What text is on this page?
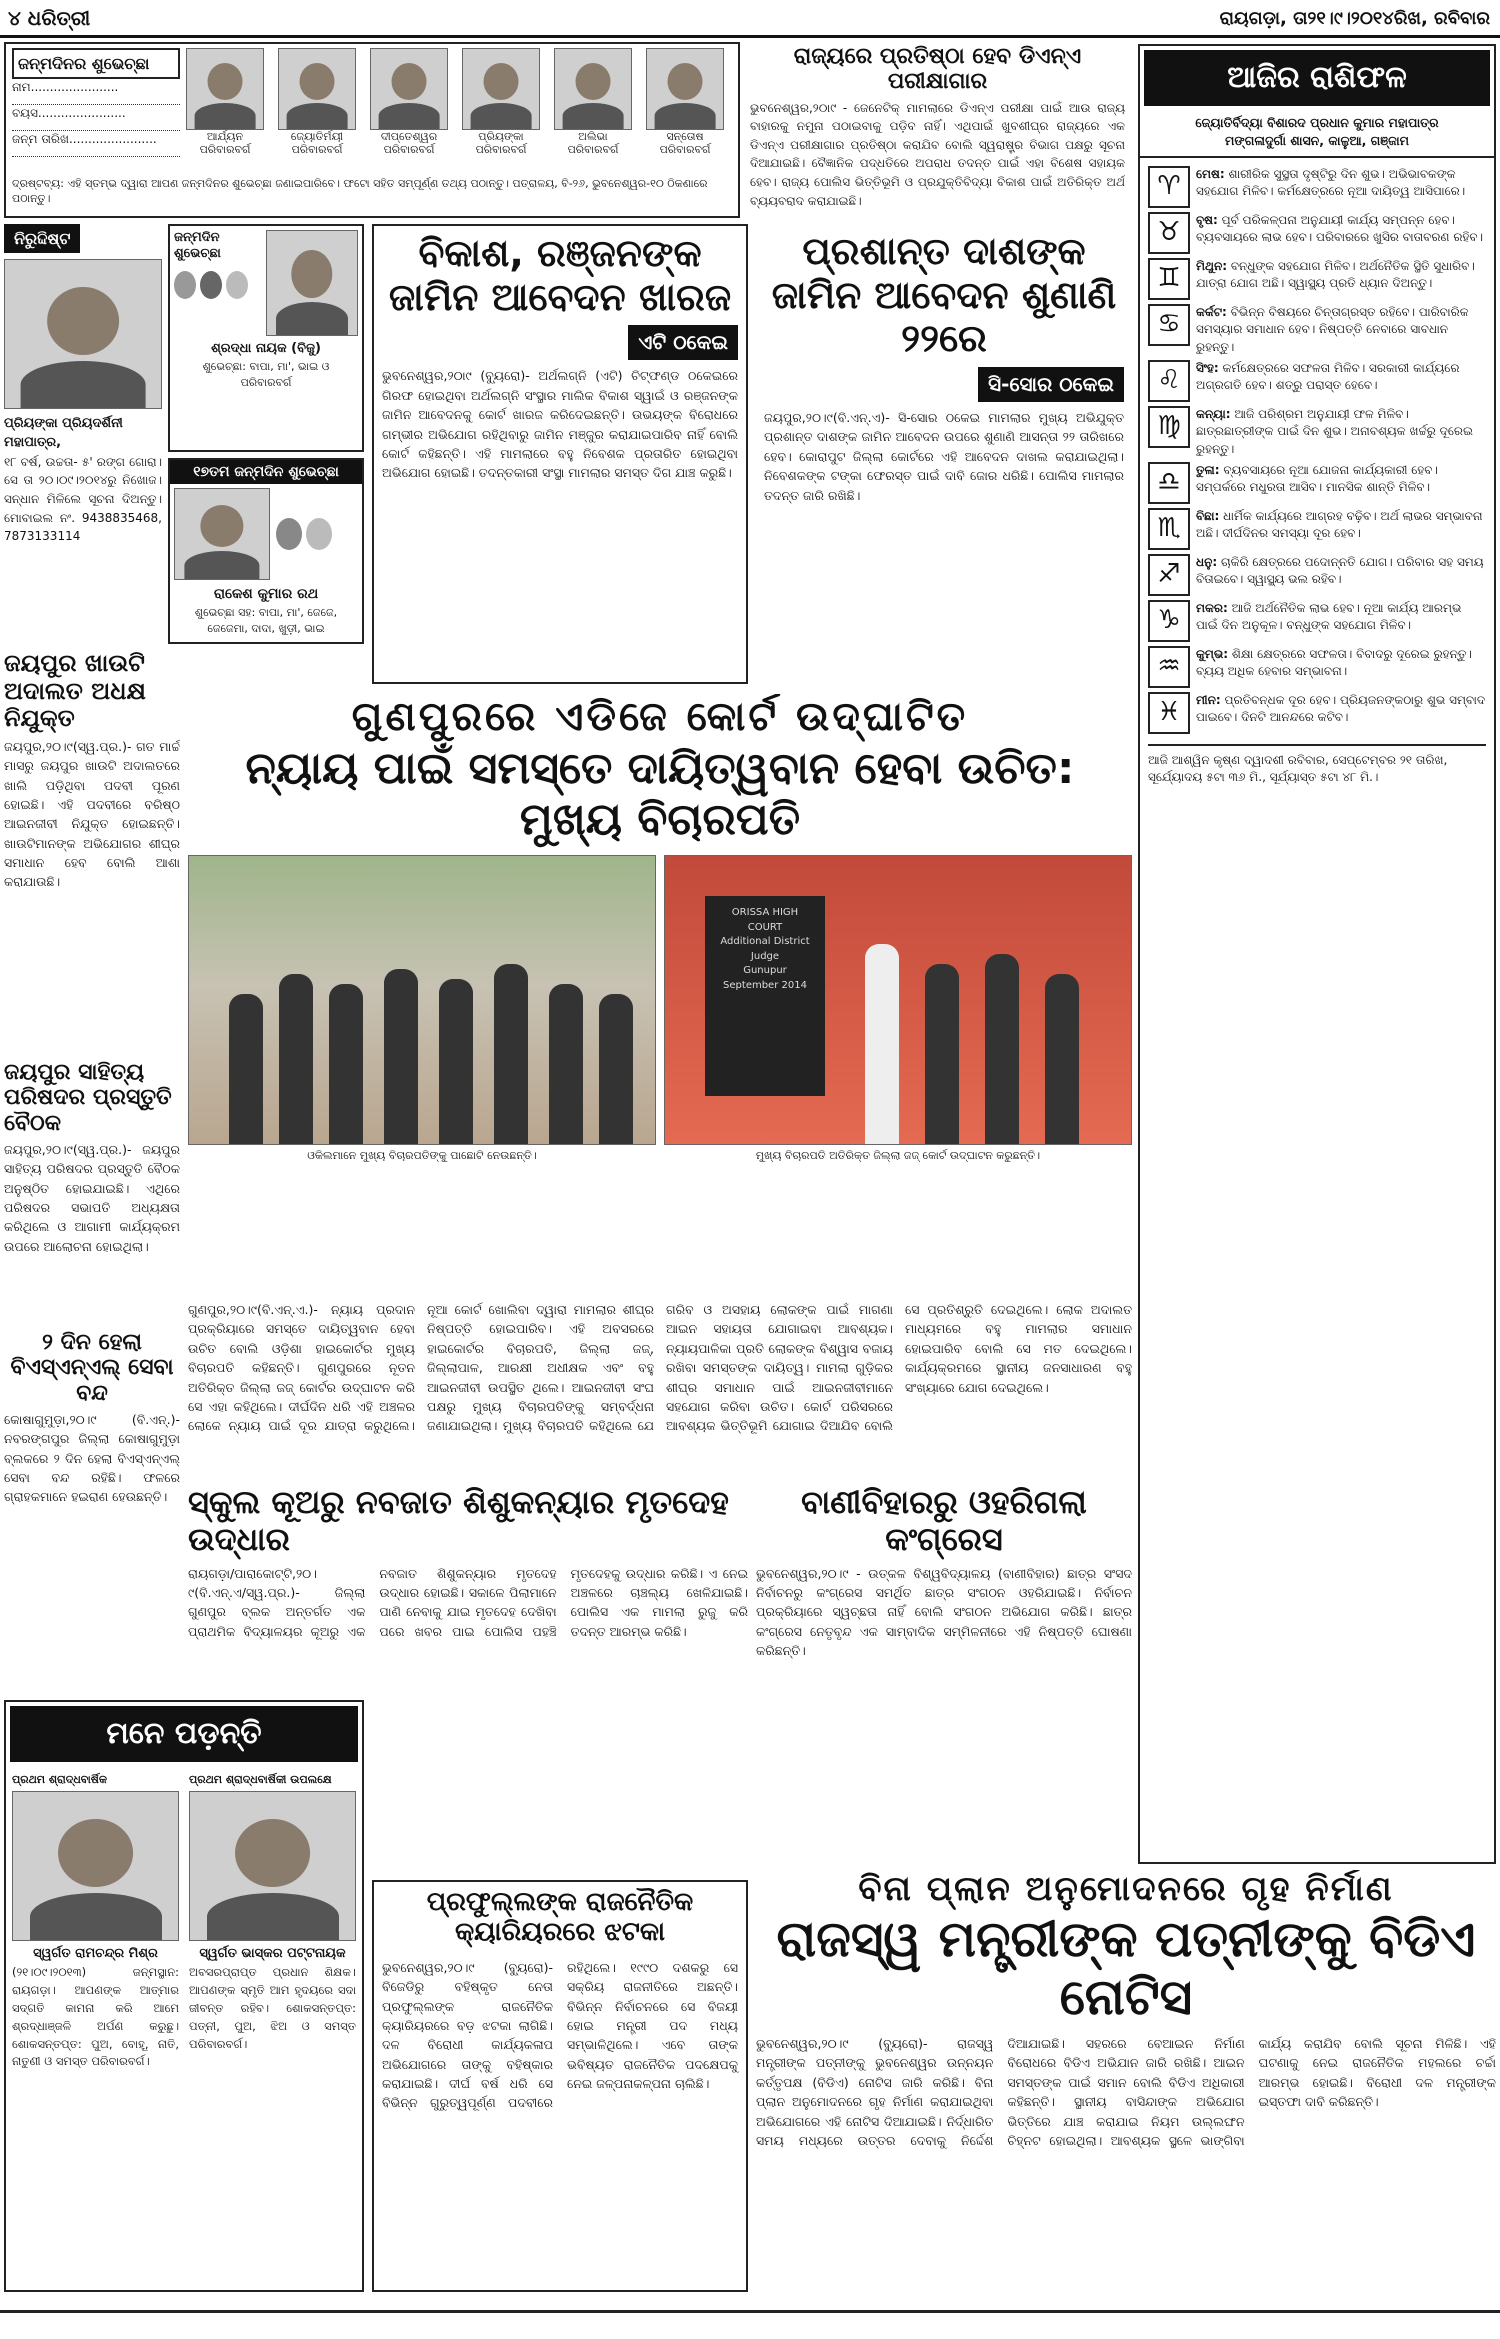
୪ ଧରିତ୍ରୀ	ରାୟଗଡ଼ା, ତା୨୧।୯।୨୦୧୪ରିଖ, ରବିବାର
ଜନ୍ମଦିନର ଶୁଭେଚ୍ଛା
ନାମ.......................
ବୟସ.......................
ଜନ୍ମ ତାରିଖ.......................	ଆର୍ଯ୍ୟନ
ପରିବାରବର୍ଗ
ଜ୍ୟୋତିର୍ମୟୀ
ପରିବାରବର୍ଗ
ଦୀପ୍ତେଶ୍ୱର
ପରିବାରବର୍ଗ
ପ୍ରିୟଙ୍କା
ପରିବାରବର୍ଗ
ଅଲିଭା
ପରିବାରବର୍ଗ
ସନ୍ତୋଷ
ପରିବାରବର୍ଗ
ଦ୍ରଷ୍ଟବ୍ୟ: ଏହି ସ୍ତମ୍ଭ ଦ୍ୱାରା ଆପଣ ଜନ୍ମଦିନର ଶୁଭେଚ୍ଛା ଜଣାଇପାରିବେ। ଫଟୋ ସହିତ ସମ୍ପୂର୍ଣ୍ଣ ତଥ୍ୟ ପଠାନ୍ତୁ। ପତ୍ରାଳୟ, ବି-୨୬, ଭୁବନେଶ୍ୱର-୧୦ ଠିକଣାରେ ପଠାନ୍ତୁ।
ରାଜ୍ୟରେ ପ୍ରତିଷ୍ଠା ହେବ ଡିଏନ୍‌ଏ ପରୀକ୍ଷାଗାର
ଭୁବନେଶ୍ୱର,୨୦ା୯ - ଜେନେଟିକ୍ ମାମଲାରେ ଡିଏନ୍‌ଏ ପରୀକ୍ଷା ପାଇଁ ଆଉ ରାଜ୍ୟ ବାହାରକୁ ନମୁନା ପଠାଇବାକୁ ପଡ଼ିବ ନାହିଁ। ଏଥିପାଇଁ ଖୁବଶୀଘ୍ର ରାଜ୍ୟରେ ଏକ ଡିଏନ୍‌ଏ ପରୀକ୍ଷାଗାର ପ୍ରତିଷ୍ଠା କରାଯିବ ବୋଲି ସ୍ୱରାଷ୍ଟ୍ର ବିଭାଗ ପକ୍ଷରୁ ସୂଚନା ଦିଆଯାଇଛି। ବୈଜ୍ଞାନିକ ପଦ୍ଧତିରେ ଅପରାଧ ତଦନ୍ତ ପାଇଁ ଏହା ବିଶେଷ ସହାୟକ ହେବ। ରାଜ୍ୟ ପୋଲିସ ଭିତ୍ତିଭୂମି ଓ ପ୍ରଯୁକ୍ତିବିଦ୍ୟା ବିକାଶ ପାଇଁ ଅତିରିକ୍ତ ଅର୍ଥ ବ୍ୟୟବରାଦ କରାଯାଇଛି।
ଆଜିର ରାଶିଫଳ
ଜ୍ୟୋତିର୍ବିଦ୍ୟା ବିଶାରଦ ପ୍ରଧାନ କୁମାର ମହାପାତ୍ର
ମଙ୍ଗଳାଦୁର୍ଗା ଶାସନ, କାଳୁଆ, ଗଞ୍ଜାମ
♈	ମେଷ: ଶାରୀରିକ ସୁସ୍ଥତା ଦୃଷ୍ଟିରୁ ଦିନ ଶୁଭ। ଅଭିଭାବକଙ୍କ ସହଯୋଗ ମିଳିବ। କର୍ମକ୍ଷେତ୍ରରେ ନୂଆ ଦାୟିତ୍ୱ ଆସିପାରେ।
♉	ବୃଷ: ପୂର୍ବ ପରିକଳ୍ପନା ଅନୁଯାୟୀ କାର୍ଯ୍ୟ ସମ୍ପନ୍ନ ହେବ। ବ୍ୟବସାୟରେ ଲାଭ ହେବ। ପରିବାରରେ ଖୁସିର ବାତାବରଣ ରହିବ।
♊	ମିଥୁନ: ବନ୍ଧୁଙ୍କ ସହଯୋଗ ମିଳିବ। ଅର୍ଥନୈତିକ ସ୍ଥିତି ସୁଧାରିବ। ଯାତ୍ରା ଯୋଗ ଅଛି। ସ୍ୱାସ୍ଥ୍ୟ ପ୍ରତି ଧ୍ୟାନ ଦିଅନ୍ତୁ।
♋	କର୍କଟ: ବିଭିନ୍ନ ବିଷୟରେ ଚିନ୍ତାଗ୍ରସ୍ତ ରହିବେ। ପାରିବାରିକ ସମସ୍ୟାର ସମାଧାନ ହେବ। ନିଷ୍ପତ୍ତି ନେବାରେ ସାବଧାନ ରୁହନ୍ତୁ।
♌	ସିଂହ: କର୍ମକ୍ଷେତ୍ରରେ ସଫଳତା ମିଳିବ। ସରକାରୀ କାର୍ଯ୍ୟରେ ଅଗ୍ରଗତି ହେବ। ଶତ୍ରୁ ପରାସ୍ତ ହେବେ।
♍	କନ୍ୟା: ଆଜି ପରିଶ୍ରମ ଅନୁଯାୟୀ ଫଳ ମିଳିବ। ଛାତ୍ରଛାତ୍ରୀଙ୍କ ପାଇଁ ଦିନ ଶୁଭ। ଅନାବଶ୍ୟକ ଖର୍ଚ୍ଚରୁ ଦୂରେଇ ରୁହନ୍ତୁ।
♎	ତୁଳା: ବ୍ୟବସାୟରେ ନୂଆ ଯୋଜନା କାର୍ଯ୍ୟକାରୀ ହେବ। ସମ୍ପର୍କରେ ମଧୁରତା ଆସିବ। ମାନସିକ ଶାନ୍ତି ମିଳିବ।
♏	ବିଛା: ଧାର୍ମିକ କାର୍ଯ୍ୟରେ ଆଗ୍ରହ ବଢ଼ିବ। ଅର୍ଥ ଲାଭର ସମ୍ଭାବନା ଅଛି। ଦୀର୍ଘଦିନର ସମସ୍ୟା ଦୂର ହେବ।
♐	ଧନୁ: ଚାକିରି କ୍ଷେତ୍ରରେ ପଦୋନ୍ନତି ଯୋଗ। ପରିବାର ସହ ସମୟ ବିତାଇବେ। ସ୍ୱାସ୍ଥ୍ୟ ଭଲ ରହିବ।
♑	ମକର: ଆଜି ଅର୍ଥନୈତିକ ଲାଭ ହେବ। ନୂଆ କାର୍ଯ୍ୟ ଆରମ୍ଭ ପାଇଁ ଦିନ ଅନୁକୂଳ। ବନ୍ଧୁଙ୍କ ସହଯୋଗ ମିଳିବ।
♒	କୁମ୍ଭ: ଶିକ୍ଷା କ୍ଷେତ୍ରରେ ସଫଳତା। ବିବାଦରୁ ଦୂରେଇ ରୁହନ୍ତୁ। ବ୍ୟୟ ଅଧିକ ହେବାର ସମ୍ଭାବନା।
♓	ମୀନ: ପ୍ରତିବନ୍ଧକ ଦୂର ହେବ। ପ୍ରିୟଜନଙ୍କଠାରୁ ଶୁଭ ସମ୍ବାଦ ପାଇବେ। ଦିନଟି ଆନନ୍ଦରେ କଟିବ।
ଆଜି ଆଶ୍ୱିନ କୃଷ୍ଣ ଦ୍ୱାଦଶୀ ରବିବାର, ସେପ୍ଟେମ୍ବର ୨୧ ତାରିଖ, ସୂର୍ଯ୍ୟୋଦୟ ୫ଟା ୩୬ ମି., ସୂର୍ଯ୍ୟାସ୍ତ ୫ଟା ୪୮ ମି.।
ନିରୁଦ୍ଦିଷ୍ଟ
ପ୍ରିୟଙ୍କା ପ୍ରିୟଦର୍ଶିନୀ ମହାପାତ୍ର,
୧୮ ବର୍ଷ, ଉଚ୍ଚତା- ୫' ରଙ୍ଗ ଗୋରା। ସେ ତା ୨୦।୦୯।୨୦୧୪ରୁ ନିଖୋଜ। ସନ୍ଧାନ ମିଳିଲେ ସୂଚନା ଦିଅନ୍ତୁ। ମୋବାଇଲ ନଂ. 9438835468, 7873133114
ଜନ୍ମଦିନ ଶୁଭେଚ୍ଛା
ଶ୍ରଦ୍ଧା ନାୟକ (ବିଜୁ)
ଶୁଭେଚ୍ଛା: ବାପା, ମା', ଭାଇ ଓ ପରିବାରବର୍ଗ
୧୭ତମ ଜନ୍ମଦିନ ଶୁଭେଚ୍ଛା
ରାକେଶ କୁମାର ରଥ
ଶୁଭେଚ୍ଛା ସହ: ବାପା, ମା', ଜେଜେ, ଜେଜେମା, ଦାଦା, ଖୁଡ଼ୀ, ଭାଇ
ଜୟପୁର ଖାଉଟି ଅଦାଲତ ଅଧକ୍ଷ ନିଯୁକ୍ତ
ଜୟପୁର,୨୦।୯(ସ୍ୱ.ପ୍ର.)- ଗତ ମାର୍ଚ୍ଚ ମାସରୁ ଜୟପୁର ଖାଉଟି ଅଦାଲତରେ ଖାଲି ପଡ଼ିଥିବା ପଦବୀ ପୂରଣ ହୋଇଛି। ଏହି ପଦବୀରେ ବରିଷ୍ଠ ଆଇନଜୀବୀ ନିଯୁକ୍ତ ହୋଇଛନ୍ତି। ଖାଉଟିମାନଙ୍କ ଅଭିଯୋଗର ଶୀଘ୍ର ସମାଧାନ ହେବ ବୋଲି ଆଶା କରାଯାଉଛି।
ଜୟପୁର ସାହିତ୍ୟ ପରିଷଦର ପ୍ରସ୍ତୁତି ବୈଠକ
ଜୟପୁର,୨୦।୯(ସ୍ୱ.ପ୍ର.)- ଜୟପୁର ସାହିତ୍ୟ ପରିଷଦର ପ୍ରସ୍ତୁତି ବୈଠକ ଅନୁଷ୍ଠିତ ହୋଇଯାଇଛି। ଏଥିରେ ପରିଷଦର ସଭାପତି ଅଧ୍ୟକ୍ଷତା କରିଥିଲେ ଓ ଆଗାମୀ କାର୍ଯ୍ୟକ୍ରମ ଉପରେ ଆଲୋଚନା ହୋଇଥିଲା।
୨ ଦିନ ହେଲା ବିଏସ୍‌ଏନ୍‌ଏଲ୍ ସେବା ବନ୍ଦ
କୋଷାଗୁମୁଡ଼ା,୨୦।୯ (ବି.ଏନ୍.)- ନବରଙ୍ଗପୁର ଜିଲ୍ଲା କୋଷାଗୁମୁଡ଼ା ବ୍ଲକରେ ୨ ଦିନ ହେଲା ବିଏସ୍‌ଏନ୍‌ଏଲ୍ ସେବା ବନ୍ଦ ରହିଛି। ଫଳରେ ଗ୍ରାହକମାନେ ହଇରାଣ ହେଉଛନ୍ତି।
ବିକାଶ, ରଞ୍ଜନଙ୍କ ଜାମିନ ଆବେଦନ ଖାରଜ
ଏଟି ଠକେଇ
ଭୁବନେଶ୍ୱର,୨୦ା୯ (ବ୍ୟୁରୋ)- ଅର୍ଥଲଗ୍ନି (ଏଟି) ଚିଟ୍‌ଫଣ୍ଡ ଠକେଇରେ ଗିରଫ ହୋଇଥିବା ଅର୍ଥଲଗ୍ନି ସଂସ୍ଥାର ମାଲିକ ବିକାଶ ସ୍ୱାଇଁ ଓ ରଞ୍ଜନଙ୍କ ଜାମିନ ଆବେଦନକୁ କୋର୍ଟ ଖାରଜ କରିଦେଇଛନ୍ତି। ଉଭୟଙ୍କ ବିରୋଧରେ ଗମ୍ଭୀର ଅଭିଯୋଗ ରହିଥିବାରୁ ଜାମିନ ମଞ୍ଜୁର କରାଯାଇପାରିବ ନାହିଁ ବୋଲି କୋର୍ଟ କହିଛନ୍ତି। ଏହି ମାମଲାରେ ବହୁ ନିବେଶକ ପ୍ରତାରିତ ହୋଇଥିବା ଅଭିଯୋଗ ହୋଇଛି। ତଦନ୍ତକାରୀ ସଂସ୍ଥା ମାମଲାର ସମସ୍ତ ଦିଗ ଯାଞ୍ଚ କରୁଛି।
ପ୍ରଶାନ୍ତ ଦାଶଙ୍କ ଜାମିନ ଆବେଦନ ଶୁଣାଣି ୨୨ରେ
ସି-ସୋର ଠକେଇ
ଜୟପୁର,୨୦।୯(ବି.ଏନ୍.ଏ)- ସି-ସୋର ଠକେଇ ମାମଲାର ମୁଖ୍ୟ ଅଭିଯୁକ୍ତ ପ୍ରଶାନ୍ତ ଦାଶଙ୍କ ଜାମିନ ଆବେଦନ ଉପରେ ଶୁଣାଣି ଆସନ୍ତା ୨୨ ତାରିଖରେ ହେବ। କୋରାପୁଟ ଜିଲ୍ଲା କୋର୍ଟରେ ଏହି ଆବେଦନ ଦାଖଲ କରାଯାଇଥିଲା। ନିବେଶକଙ୍କ ଟଙ୍କା ଫେରସ୍ତ ପାଇଁ ଦାବି ଜୋର ଧରିଛି। ପୋଲିସ ମାମଲାର ତଦନ୍ତ ଜାରି ରଖିଛି।
ଗୁଣପୁରରେ ଏଡିଜେ କୋର୍ଟ ଉଦ୍‌ଘାଟିତ
ନ୍ୟାୟ ପାଇଁ ସମସ୍ତେ ଦାୟିତ୍ୱବାନ ହେବା ଉଚିତ: ମୁଖ୍ୟ ବିଚାରପତି
ଓକିଲମାନେ ମୁଖ୍ୟ ବିଚାରପତିଙ୍କୁ ପାଛୋଟି ନେଉଛନ୍ତି।
ORISSA HIGH COURT
Additional District Judge
Gunupur
September 2014
ମୁଖ୍ୟ ବିଚାରପତି ଅତିରିକ୍ତ ଜିଲ୍ଲା ଜଜ୍ କୋର୍ଟ ଉଦ୍‌ଘାଟନ କରୁଛନ୍ତି।
ଗୁଣପୁର,୨୦।୯(ବି.ଏନ୍.ଏ.)- ନ୍ୟାୟ ପ୍ରଦାନ ପ୍ରକ୍ରିୟାରେ ସମସ୍ତେ ଦାୟିତ୍ୱବାନ ହେବା ଉଚିତ ବୋଲି ଓଡ଼ିଶା ହାଇକୋର୍ଟର ମୁଖ୍ୟ ବିଚାରପତି କହିଛନ୍ତି। ଗୁଣପୁରରେ ନୂତନ ଅତିରିକ୍ତ ଜିଲ୍ଲା ଜଜ୍ କୋର୍ଟର ଉଦ୍‌ଘାଟନ କରି ସେ ଏହା କହିଥିଲେ। ଦୀର୍ଘଦିନ ଧରି ଏହି ଅଞ୍ଚଳର ଲୋକେ ନ୍ୟାୟ ପାଇଁ ଦୂର ଯାତ୍ରା କରୁଥିଲେ। ନୂଆ କୋର୍ଟ ଖୋଲିବା ଦ୍ୱାରା ମାମଲାର ଶୀଘ୍ର ନିଷ୍ପତ୍ତି ହୋଇପାରିବ। ଏହି ଅବସରରେ ହାଇକୋର୍ଟର ବିଚାରପତି, ଜିଲ୍ଲା ଜଜ୍, ଜିଲ୍ଲାପାଳ, ଆରକ୍ଷୀ ଅଧୀକ୍ଷକ ଏବଂ ବହୁ ଆଇନଜୀବୀ ଉପସ୍ଥିତ ଥିଲେ। ଆଇନଜୀବୀ ସଂଘ ପକ୍ଷରୁ ମୁଖ୍ୟ ବିଚାରପତିଙ୍କୁ ସମ୍ବର୍ଦ୍ଧନା ଜଣାଯାଇଥିଲା। ମୁଖ୍ୟ ବିଚାରପତି କହିଥିଲେ ଯେ ଗରିବ ଓ ଅସହାୟ ଲୋକଙ୍କ ପାଇଁ ମାଗଣା ଆଇନ ସହାୟତା ଯୋଗାଇବା ଆବଶ୍ୟକ। ନ୍ୟାୟପାଳିକା ପ୍ରତି ଲୋକଙ୍କ ବିଶ୍ୱାସ ବଜାୟ ରଖିବା ସମସ୍ତଙ୍କ ଦାୟିତ୍ୱ। ମାମଲା ଗୁଡ଼ିକର ଶୀଘ୍ର ସମାଧାନ ପାଇଁ ଆଇନଜୀବୀମାନେ ସହଯୋଗ କରିବା ଉଚିତ। କୋର୍ଟ ପରିସରରେ ଆବଶ୍ୟକ ଭିତ୍ତିଭୂମି ଯୋଗାଇ ଦିଆଯିବ ବୋଲି ସେ ପ୍ରତିଶ୍ରୁତି ଦେଇଥିଲେ। ଲୋକ ଅଦାଲତ ମାଧ୍ୟମରେ ବହୁ ମାମଲାର ସମାଧାନ ହୋଇପାରିବ ବୋଲି ସେ ମତ ଦେଇଥିଲେ। କାର୍ଯ୍ୟକ୍ରମରେ ସ୍ଥାନୀୟ ଜନସାଧାରଣ ବହୁ ସଂଖ୍ୟାରେ ଯୋଗ ଦେଇଥିଲେ।
ସ୍କୁଲ କୂଅରୁ ନବଜାତ ଶିଶୁକନ୍ୟାର ମୃତଦେହ ଉଦ୍ଧାର
ରାୟଗଡ଼ା/ପାରାକୋଟ୍ଟି,୨୦।୯(ବି.ଏନ୍.ଏ/ସ୍ୱ.ପ୍ର.)- ଜିଲ୍ଲା ଗୁଣପୁର ବ୍ଲକ ଅନ୍ତର୍ଗତ ଏକ ପ୍ରାଥମିକ ବିଦ୍ୟାଳୟର କୂଅରୁ ଏକ ନବଜାତ ଶିଶୁକନ୍ୟାର ମୃତଦେହ ଉଦ୍ଧାର ହୋଇଛି। ସକାଳେ ପିଲାମାନେ ପାଣି ନେବାକୁ ଯାଇ ମୃତଦେହ ଦେଖିବା ପରେ ଖବର ପାଇ ପୋଲିସ ପହଞ୍ଚି ମୃତଦେହକୁ ଉଦ୍ଧାର କରିଛି। ଏ ନେଇ ଅଞ୍ଚଳରେ ଚାଞ୍ଚଲ୍ୟ ଖେଳିଯାଇଛି। ପୋଲିସ ଏକ ମାମଲା ରୁଜୁ କରି ତଦନ୍ତ ଆରମ୍ଭ କରିଛି।
ବାଣୀବିହାରରୁ ଓହରିଗଲା କଂଗ୍ରେସ
ଭୁବନେଶ୍ୱର,୨୦।୯ - ଉତ୍କଳ ବିଶ୍ୱବିଦ୍ୟାଳୟ (ବାଣୀବିହାର) ଛାତ୍ର ସଂସଦ ନିର୍ବାଚନରୁ କଂଗ୍ରେସ ସମର୍ଥିତ ଛାତ୍ର ସଂଗଠନ ଓହରିଯାଇଛି। ନିର୍ବାଚନ ପ୍ରକ୍ରିୟାରେ ସ୍ୱଚ୍ଛତା ନାହିଁ ବୋଲି ସଂଗଠନ ଅଭିଯୋଗ କରିଛି। ଛାତ୍ର କଂଗ୍ରେସ ନେତୃବୃନ୍ଦ ଏକ ସାମ୍ବାଦିକ ସମ୍ମିଳନୀରେ ଏହି ନିଷ୍ପତ୍ତି ଘୋଷଣା କରିଛନ୍ତି।
ମନେ ପଡ଼ନ୍ତି
ପ୍ରଥମ ଶ୍ରାଦ୍ଧବାର୍ଷିକ
ସ୍ୱର୍ଗତ ରାମଚନ୍ଦ୍ର ମିଶ୍ର
(୨୧।୦୯।୨୦୧୩) ଜନ୍ମସ୍ଥାନ: ରାୟଗଡ଼ା। ଆପଣଙ୍କ ଆତ୍ମାର ସଦ୍‌ଗତି କାମନା କରି ଆମେ ଶ୍ରଦ୍ଧାଞ୍ଜଳି ଅର୍ପଣ କରୁଛୁ। ଶୋକସନ୍ତପ୍ତ: ପୁଅ, ବୋହୂ, ନାତି, ନାତୁଣୀ ଓ ସମସ୍ତ ପରିବାରବର୍ଗ।
ପ୍ରଥମ ଶ୍ରାଦ୍ଧବାର୍ଷିକୀ ଉପଲକ୍ଷେ
ସ୍ୱର୍ଗତ ଭାସ୍କର ପଟ୍ଟନାୟକ
ଅବସରପ୍ରାପ୍ତ ପ୍ରଧାନ ଶିକ୍ଷକ। ଆପଣଙ୍କ ସ୍ମୃତି ଆମ ହୃଦୟରେ ସଦା ଜୀବନ୍ତ ରହିବ। ଶୋକସନ୍ତପ୍ତ: ପତ୍ନୀ, ପୁଅ, ଝିଅ ଓ ସମସ୍ତ ପରିବାରବର୍ଗ।
ପ୍ରଫୁଲ୍ଲଙ୍କ ରାଜନୈତିକ କ୍ୟାରିୟରରେ ଝଟକା
ଭୁବନେଶ୍ୱର,୨୦।୯ (ବ୍ୟୁରୋ)- ବିଜେଡିରୁ ବହିଷ୍କୃତ ନେତା ପ୍ରଫୁଲ୍ଲଙ୍କ ରାଜନୈତିକ କ୍ୟାରିୟରରେ ବଡ଼ ଝଟକା ଲାଗିଛି। ଦଳ ବିରୋଧୀ କାର୍ଯ୍ୟକଳାପ ଅଭିଯୋଗରେ ତାଙ୍କୁ ବହିଷ୍କାର କରାଯାଇଛି। ଦୀର୍ଘ ବର୍ଷ ଧରି ସେ ବିଭିନ୍ନ ଗୁରୁତ୍ୱପୂର୍ଣ୍ଣ ପଦବୀରେ ରହିଥିଲେ। ୧୯୯୦ ଦଶକରୁ ସେ ସକ୍ରିୟ ରାଜନୀତିରେ ଅଛନ୍ତି। ବିଭିନ୍ନ ନିର୍ବାଚନରେ ସେ ବିଜୟୀ ହୋଇ ମନ୍ତ୍ରୀ ପଦ ମଧ୍ୟ ସମ୍ଭାଳିଥିଲେ। ଏବେ ତାଙ୍କ ଭବିଷ୍ୟତ ରାଜନୈତିକ ପଦକ୍ଷେପକୁ ନେଇ ଜଳ୍ପନାକଳ୍ପନା ଚାଲିଛି।
ବିନା ପ୍ଲାନ ଅନୁମୋଦନରେ ଗୃହ ନିର୍ମାଣ
ରାଜସ୍ୱ ମନ୍ତ୍ରୀଙ୍କ ପତ୍ନୀଙ୍କୁ ବିଡିଏ ନୋଟିସ
ଭୁବନେଶ୍ୱର,୨୦।୯ (ବ୍ୟୁରୋ)- ରାଜସ୍ୱ ମନ୍ତ୍ରୀଙ୍କ ପତ୍ନୀଙ୍କୁ ଭୁବନେଶ୍ୱର ଉନ୍ନୟନ କର୍ତ୍ତୃପକ୍ଷ (ବିଡିଏ) ନୋଟିସ ଜାରି କରିଛି। ବିନା ପ୍ଲାନ ଅନୁମୋଦନରେ ଗୃହ ନିର୍ମାଣ କରାଯାଇଥିବା ଅଭିଯୋଗରେ ଏହି ନୋଟିସ ଦିଆଯାଇଛି। ନିର୍ଦ୍ଧାରିତ ସମୟ ମଧ୍ୟରେ ଉତ୍ତର ଦେବାକୁ ନିର୍ଦ୍ଦେଶ ଦିଆଯାଇଛି। ସହରରେ ବେଆଇନ ନିର୍ମାଣ ବିରୋଧରେ ବିଡିଏ ଅଭିଯାନ ଜାରି ରଖିଛି। ଆଇନ ସମସ୍ତଙ୍କ ପାଇଁ ସମାନ ବୋଲି ବିଡିଏ ଅଧିକାରୀ କହିଛନ୍ତି। ସ୍ଥାନୀୟ ବାସିନ୍ଦାଙ୍କ ଅଭିଯୋଗ ଭିତ୍ତିରେ ଯାଞ୍ଚ କରାଯାଇ ନିୟମ ଉଲ୍ଲଙ୍ଘନ ଚିହ୍ନଟ ହୋଇଥିଲା। ଆବଶ୍ୟକ ସ୍ଥଳେ ଭାଙ୍ଗିବା କାର୍ଯ୍ୟ କରାଯିବ ବୋଲି ସୂଚନା ମିଳିଛି। ଏହି ଘଟଣାକୁ ନେଇ ରାଜନୈତିକ ମହଲରେ ଚର୍ଚ୍ଚା ଆରମ୍ଭ ହୋଇଛି। ବିରୋଧୀ ଦଳ ମନ୍ତ୍ରୀଙ୍କ ଇସ୍ତଫା ଦାବି କରିଛନ୍ତି।
